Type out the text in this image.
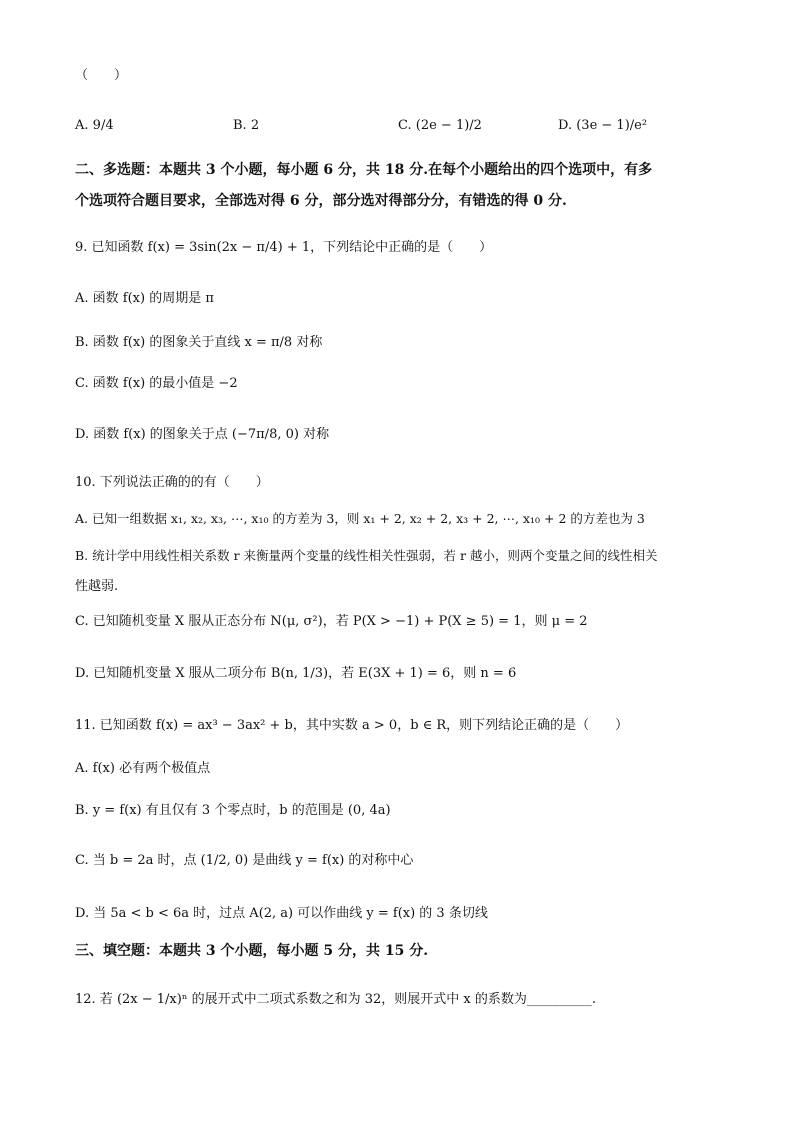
（　　）
A. 9/4	B. 2	C. (2e − 1)/2	D. (3e − 1)/e²
二、多选题：本题共 3 个小题，每小题 6 分，共 18 分.在每个小题给出的四个选项中，有多
个选项符合题目要求，全部选对得 6 分，部分选对得部分分，有错选的得 0 分.
9. 已知函数 f(x) = 3sin(2x − π/4) + 1，下列结论中正确的是（　　）
A. 函数 f(x) 的周期是 π
B. 函数 f(x) 的图象关于直线 x = π/8 对称
C. 函数 f(x) 的最小值是 −2
D. 函数 f(x) 的图象关于点 (−7π/8, 0) 对称
10. 下列说法正确的的有（　　）
A. 已知一组数据 x₁, x₂, x₃, ⋯, x₁₀ 的方差为 3，则 x₁ + 2, x₂ + 2, x₃ + 2, ⋯, x₁₀ + 2 的方差也为 3
B. 统计学中用线性相关系数 r 来衡量两个变量的线性相关性强弱，若 r 越小，则两个变量之间的线性相关
性越弱.
C. 已知随机变量 X 服从正态分布 N(μ, σ²)，若 P(X > −1) + P(X ≥ 5) = 1，则 μ = 2
D. 已知随机变量 X 服从二项分布 B(n, 1/3)，若 E(3X + 1) = 6，则 n = 6
11. 已知函数 f(x) = ax³ − 3ax² + b，其中实数 a > 0，b ∈ R，则下列结论正确的是（　　）
A. f(x) 必有两个极值点
B. y = f(x) 有且仅有 3 个零点时，b 的范围是 (0, 4a)
C. 当 b = 2a 时，点 (1/2, 0) 是曲线 y = f(x) 的对称中心
D. 当 5a < b < 6a 时，过点 A(2, a) 可以作曲线 y = f(x) 的 3 条切线
三、填空题：本题共 3 个小题，每小题 5 分，共 15 分.
12. 若 (2x − 1/x)ⁿ 的展开式中二项式系数之和为 32，则展开式中 x 的系数为__________.
